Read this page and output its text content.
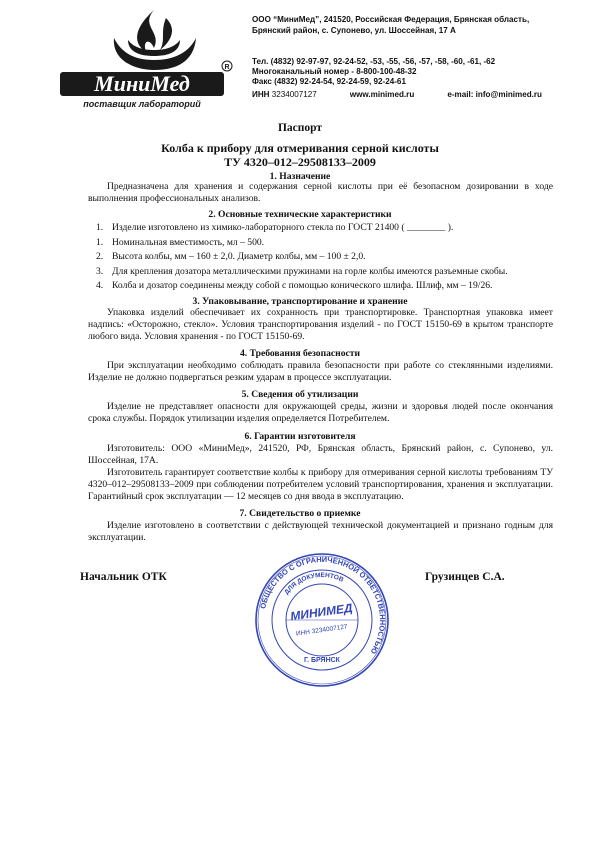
МиниМед
R
поставщик лабораторий
ООО “МиниМед”, 241520, Российская Федерация, Брянская область,
Брянский район, с. Супонево, ул. Шоссейная, 17 А
Тел. (4832) 92-97-97, 92-24-52, -53, -55, -56, -57, -58, -60, -61, -62
Многоканальный номер - 8-800-100-48-32
Факс (4832) 92-24-54, 92-24-59, 92-24-61
ИНН 3234007127	www.minimed.ru	e-mail: info@minimed.ru
Паспорт
Колба к прибору для отмеривания серной кислоты
ТУ 4320–012–29508133–2009
1. Назначение
Предназначена для хранения и содержания серной кислоты при её безопасном дозировании в ходе выполнения профессиональных анализов.
2. Основные технические характеристики
1. Изделие изготовлено из химико-лабораторного стекла по ГОСТ 21400 ( ________ ).
1. Номинальная вместимость, мл – 500.
2. Высота колбы, мм – 160 ± 2,0. Диаметр колбы, мм – 100 ± 2,0.
3. Для крепления дозатора металлическими пружинами на горле колбы имеются разъемные скобы.
4. Колба и дозатор соединены между собой с помощью конического шлифа. Шлиф, мм – 19/26.
3. Упаковывание, транспортирование и хранение
Упаковка изделий обеспечивает их сохранность при транспортировке. Транспортная упаковка имеет надпись: «Осторожно, стекло». Условия транспортирования изделий - по ГОСТ 15150-69 в крытом транспорте любого вида. Условия хранения - по ГОСТ 15150-69.
4. Требования безопасности
При эксплуатации необходимо соблюдать правила безопасности при работе со стеклянными изделиями. Изделие не должно подвергаться резким ударам в процессе эксплуатации.
5. Сведения об утилизации
Изделие не представляет опасности для окружающей среды, жизни и здоровья людей после окончания срока службы. Порядок утилизации изделия определяется Потребителем.
6. Гарантии изготовителя
Изготовитель: ООО «МиниМед», 241520, РФ, Брянская область, Брянский район, с. Супонево, ул. Шоссейная, 17А.
Изготовитель гарантирует соответствие колбы к прибору для отмеривания серной кислоты требованиям ТУ 4320–012–29508133–2009 при соблюдении потребителем условий транспортирования, хранения и эксплуатации. Гарантийный срок эксплуатации — 12 месяцев со дня ввода в эксплуатацию.
7. Свидетельство о приемке
Изделие изготовлено в соответствии с действующей технической документацией и признано годным для эксплуатации.
Начальник ОТК	Грузинцев С.А.
ОБЩЕСТВО С ОГРАНИЧЕННОЙ ОТВЕТСТВЕННОСТЬЮ
ДЛЯ ДОКУМЕНТОВ
МИНИМЕД
ИНН 3234007127
Г. БРЯНСК
